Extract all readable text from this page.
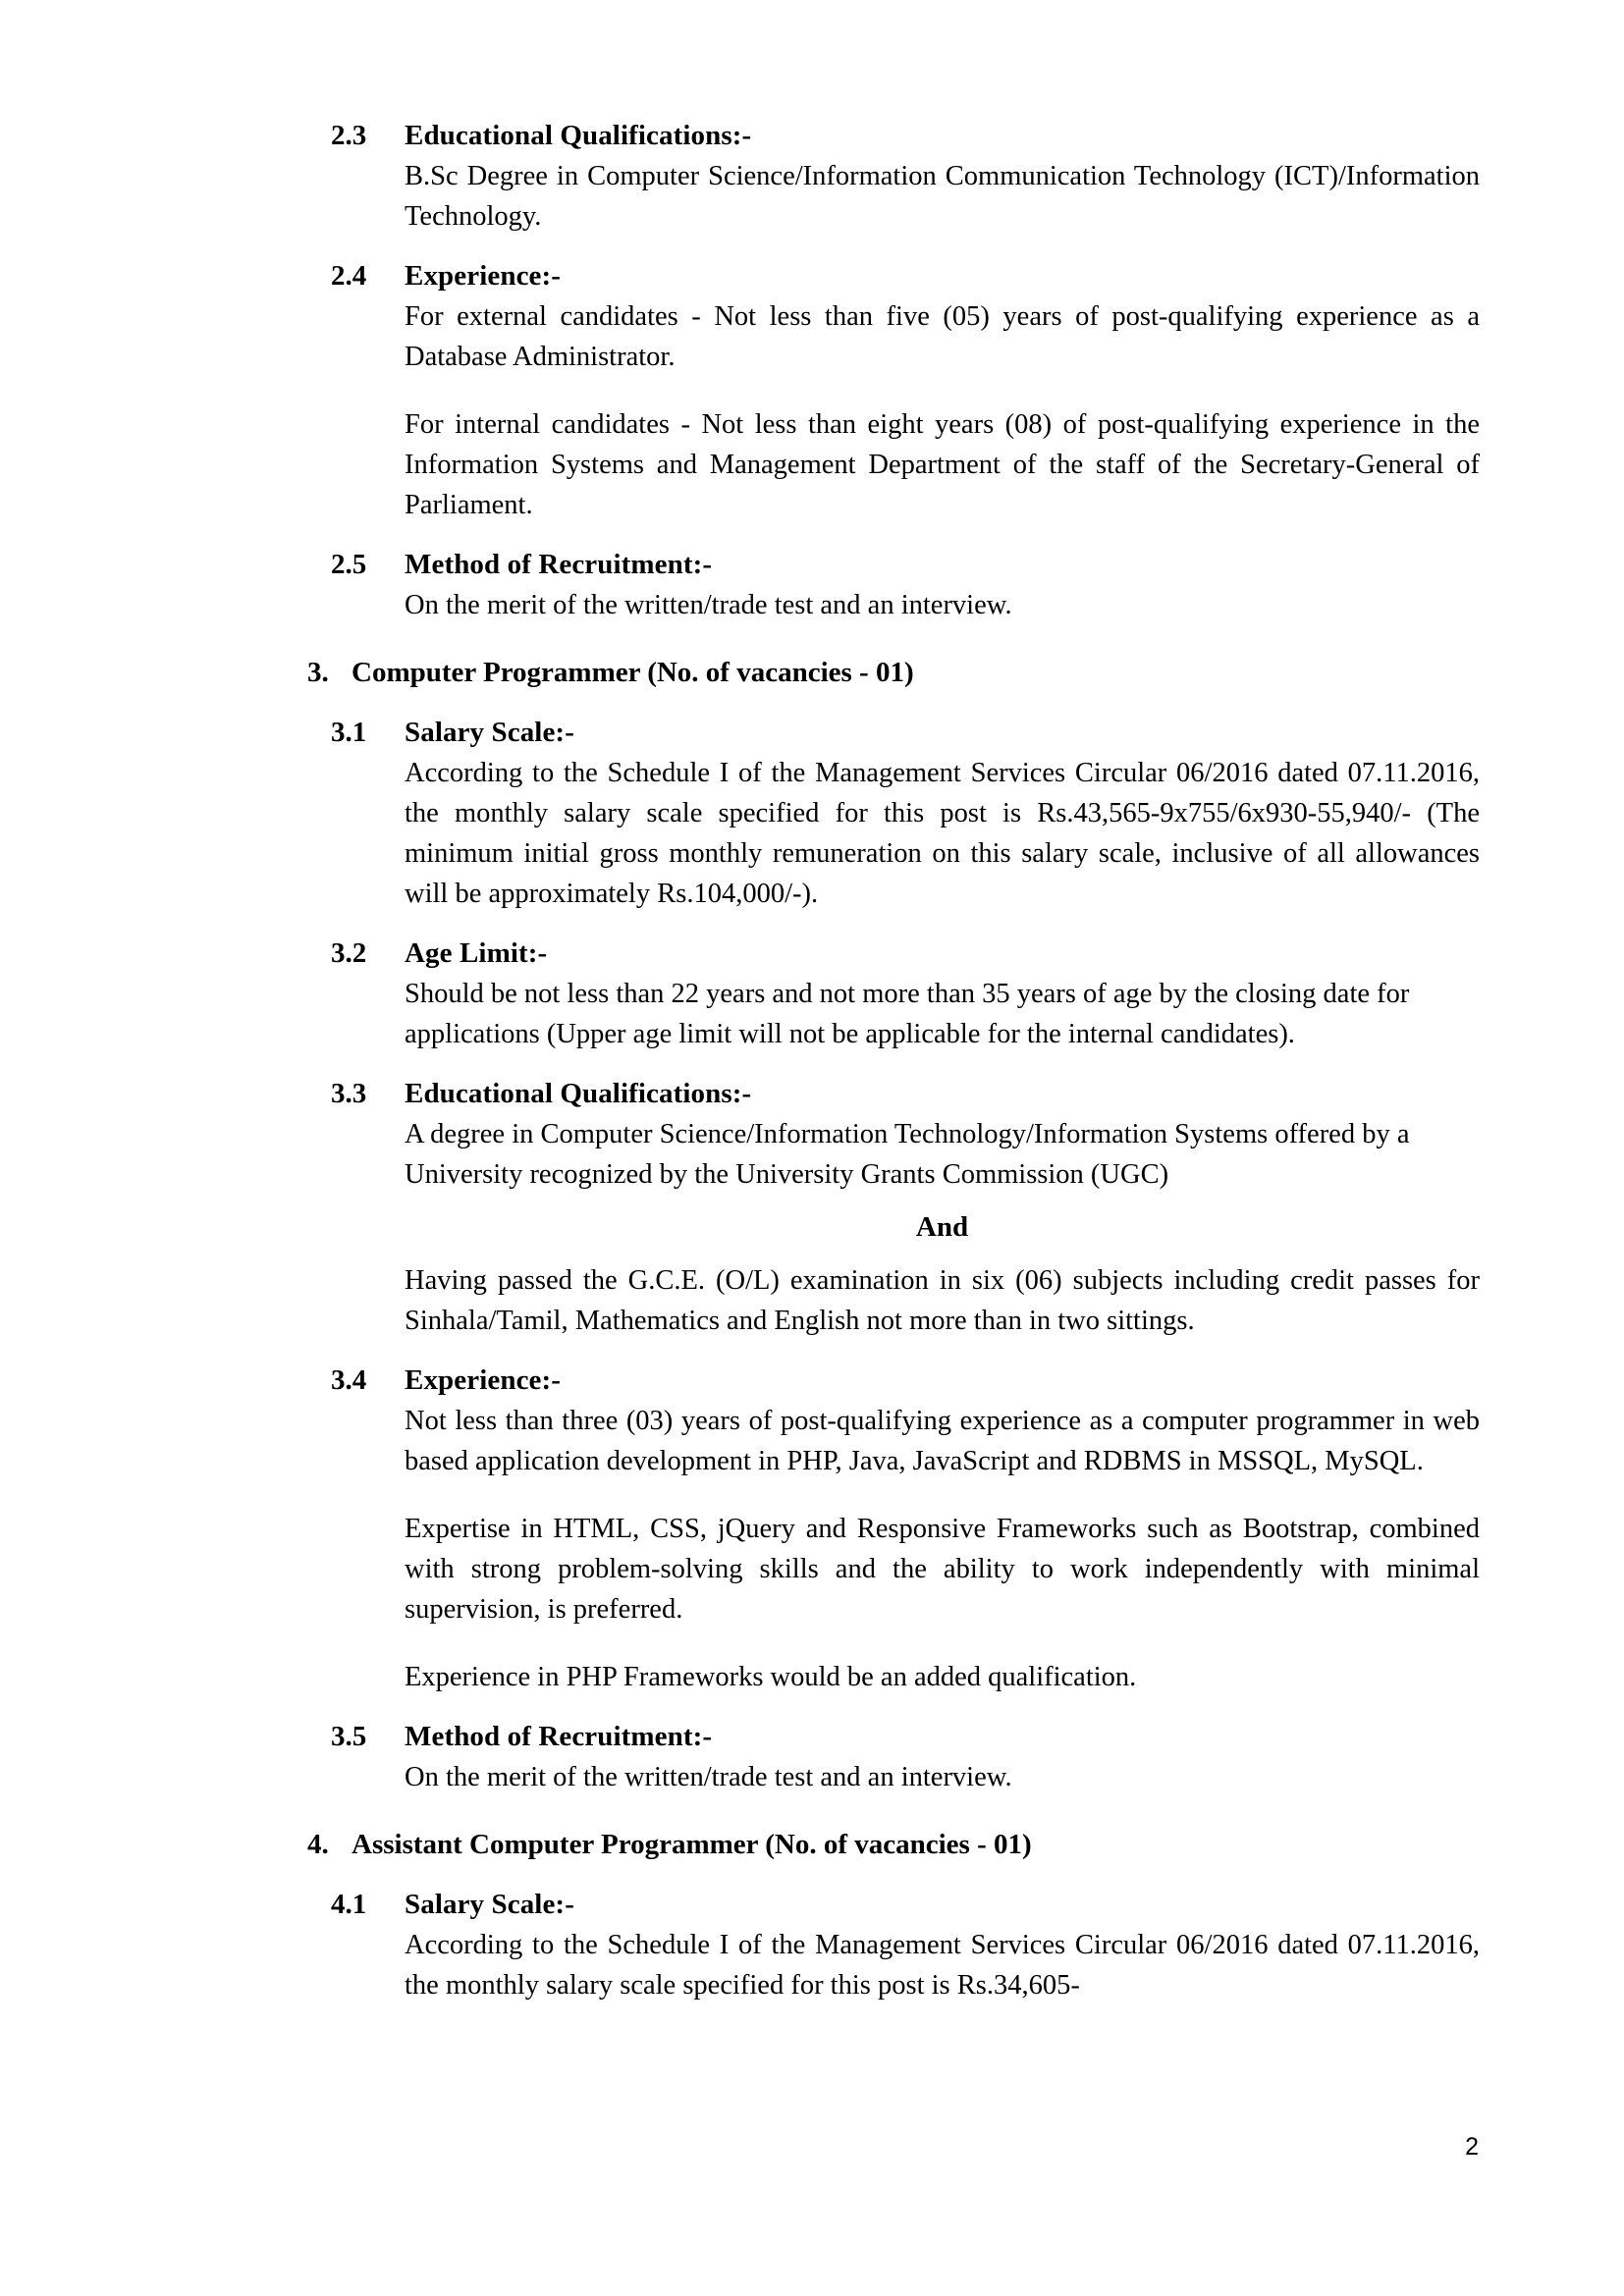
2.3	Educational Qualifications:-

B.Sc Degree in Computer Science/Information Communication Technology (ICT)/Information Technology.

2.4	Experience:-

For external candidates - Not less than five (05) years of post-qualifying experience as a Database Administrator.

For internal candidates - Not less than eight years (08) of post-qualifying experience in the Information Systems and Management Department of the staff of the Secretary-General of Parliament.

2.5	Method of Recruitment:-

On the merit of the written/trade test and an interview.

3. Computer Programmer (No. of vacancies - 01)
3.1	Salary Scale:-

According to the Schedule I of the Management Services Circular 06/2016 dated 07.11.2016, the monthly salary scale specified for this post is Rs.43,565-9x755/6x930-55,940/- (The minimum initial gross monthly remuneration on this salary scale, inclusive of all allowances will be approximately Rs.104,000/-).

3.2	Age Limit:-

Should be not less than 22 years and not more than 35 years of age by the closing date for applications (Upper age limit will not be applicable for the internal candidates).

3.3	Educational Qualifications:-

A degree in Computer Science/Information Technology/Information Systems offered by a University recognized by the University Grants Commission (UGC)

And

Having passed the G.C.E. (O/L) examination in six (06) subjects including credit passes for Sinhala/Tamil, Mathematics and English not more than in two sittings.

3.4	Experience:-

Not less than three (03) years of post-qualifying experience as a computer programmer in web based application development in PHP, Java, JavaScript and RDBMS in MSSQL, MySQL.

Expertise in HTML, CSS, jQuery and Responsive Frameworks such as Bootstrap, combined with strong problem-solving skills and the ability to work independently with minimal supervision, is preferred.

Experience in PHP Frameworks would be an added qualification.

3.5	Method of Recruitment:-

On the merit of the written/trade test and an interview.

4. Assistant Computer Programmer (No. of vacancies - 01)
4.1	Salary Scale:-

According to the Schedule I of the Management Services Circular 06/2016 dated 07.11.2016, the monthly salary scale specified for this post is Rs.34,605-

2
